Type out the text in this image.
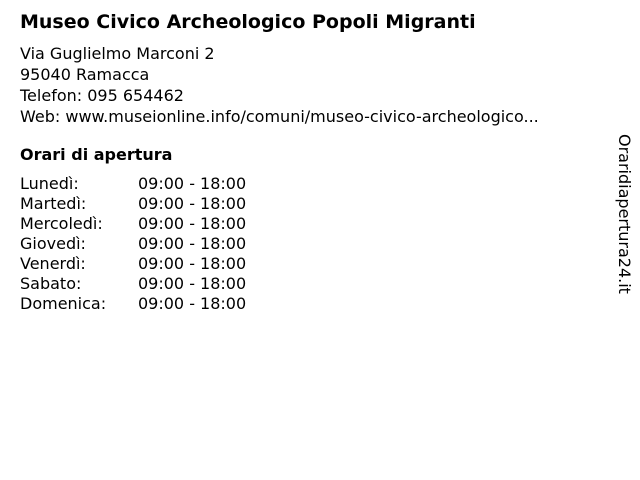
Museo Civico Archeologico Popoli Migranti
Via Guglielmo Marconi 2
95040 Ramacca
Telefon: 095 654462
Web: www.museionline.info/comuni/museo-civico-archeologico...
Orari di apertura
Lunedì:	09:00 - 18:00
Martedì:	09:00 - 18:00
Mercoledì: 09:00 - 18:00
Giovedì:	09:00 - 18:00
Venerdì:	09:00 - 18:00
Sabato:	09:00 - 18:00
Domenica: 09:00 - 18:00
Oraridiapertura24.it
